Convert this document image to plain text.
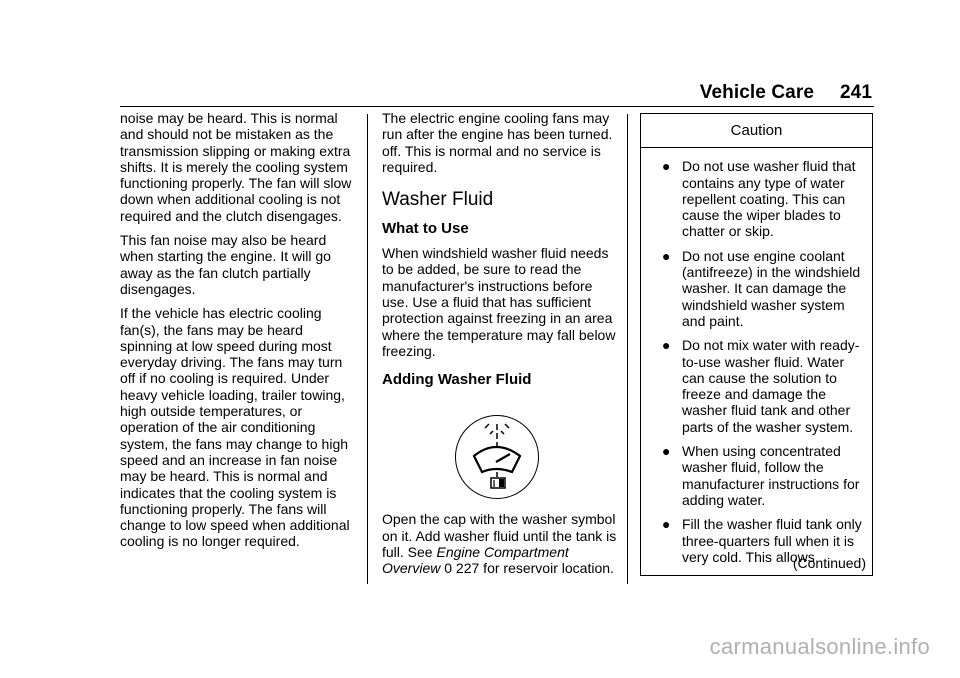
Vehicle Care 241

noise may be heard. This is normal and should not be mistaken as the transmission slipping or making extra shifts. It is merely the cooling system functioning properly. The fan will slow down when additional cooling is not required and the clutch disengages.

This fan noise may also be heard when starting the engine. It will go away as the fan clutch partially disengages.

If the vehicle has electric cooling fan(s), the fans may be heard spinning at low speed during most everyday driving. The fans may turn off if no cooling is required. Under heavy vehicle loading, trailer towing, high outside temperatures, or operation of the air conditioning system, the fans may change to high speed and an increase in fan noise may be heard. This is normal and indicates that the cooling system is functioning properly. The fans will change to low speed when additional cooling is no longer required.

The electric engine cooling fans may run after the engine has been turned. off. This is normal and no service is required.

Washer Fluid
What to Use

When windshield washer fluid needs to be added, be sure to read the manufacturer's instructions before use. Use a fluid that has sufficient protection against freezing in an area where the temperature may fall below freezing.

Adding Washer Fluid

Open the cap with the washer symbol on it. Add washer fluid until the tank is full. See Engine Compartment Overview 0 227 for reservoir location.

Caution
● Do not use washer fluid that contains any type of water repellent coating. This can cause the wiper blades to chatter or skip.
● Do not use engine coolant (antifreeze) in the windshield washer. It can damage the windshield washer system and paint.
● Do not mix water with ready-to-use washer fluid. Water can cause the solution to freeze and damage the washer fluid tank and other parts of the washer system.
● When using concentrated washer fluid, follow the manufacturer instructions for adding water.
● Fill the washer fluid tank only three-quarters full when it is very cold. This allows
(Continued)
carmanualsonline.info
